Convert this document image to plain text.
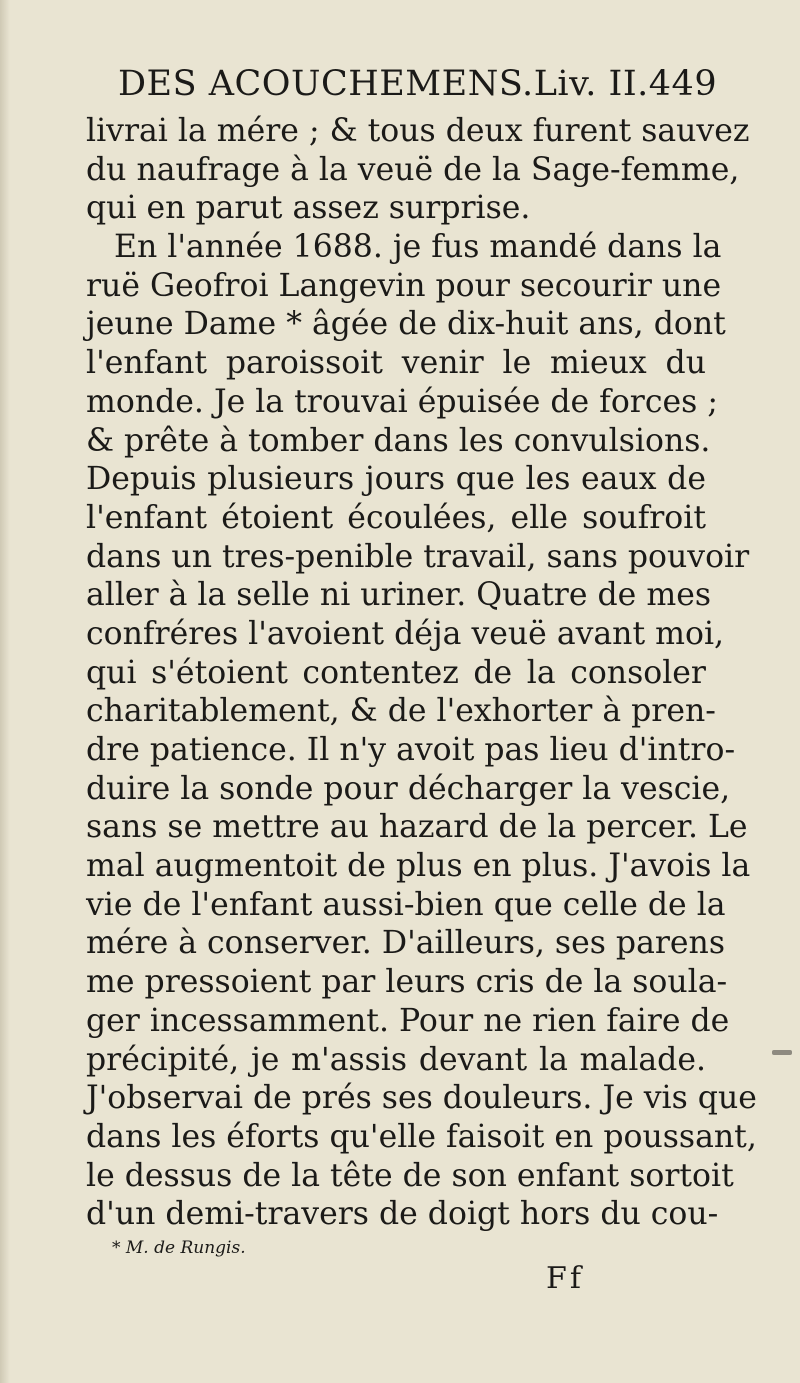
DES ACOUCHEMENS. Liv. II. 449
livrai la mére ; & tous deux furent sauvez
du naufrage à la veuë de la Sage-femme,
qui en parut assez surprise.
En l'année 1688. je fus mandé dans la
ruë Geofroi Langevin pour secourir une
jeune Dame * âgée de dix-huit ans, dont
l'enfant paroissoit venir le mieux du
monde. Je la trouvai épuisée de forces ;
& prête à tomber dans les convulsions.
Depuis plusieurs jours que les eaux de
l'enfant étoient écoulées, elle soufroit
dans un tres-penible travail, sans pouvoir
aller à la selle ni uriner. Quatre de mes
confréres l'avoient déja veuë avant moi,
qui s'étoient contentez de la consoler
charitablement, & de l'exhorter à pren-
dre patience. Il n'y avoit pas lieu d'intro-
duire la sonde pour décharger la vescie,
sans se mettre au hazard de la percer. Le
mal augmentoit de plus en plus. J'avois la
vie de l'enfant aussi-bien que celle de la
mére à conserver. D'ailleurs, ses parens
me pressoient par leurs cris de la soula-
ger incessamment. Pour ne rien faire de
précipité, je m'assis devant la malade.
J'observai de prés ses douleurs. Je vis que
dans les éforts qu'elle faisoit en poussant,
le dessus de la tête de son enfant sortoit
d'un demi-travers de doigt hors du cou-
* M. de Rungis.
Ff
